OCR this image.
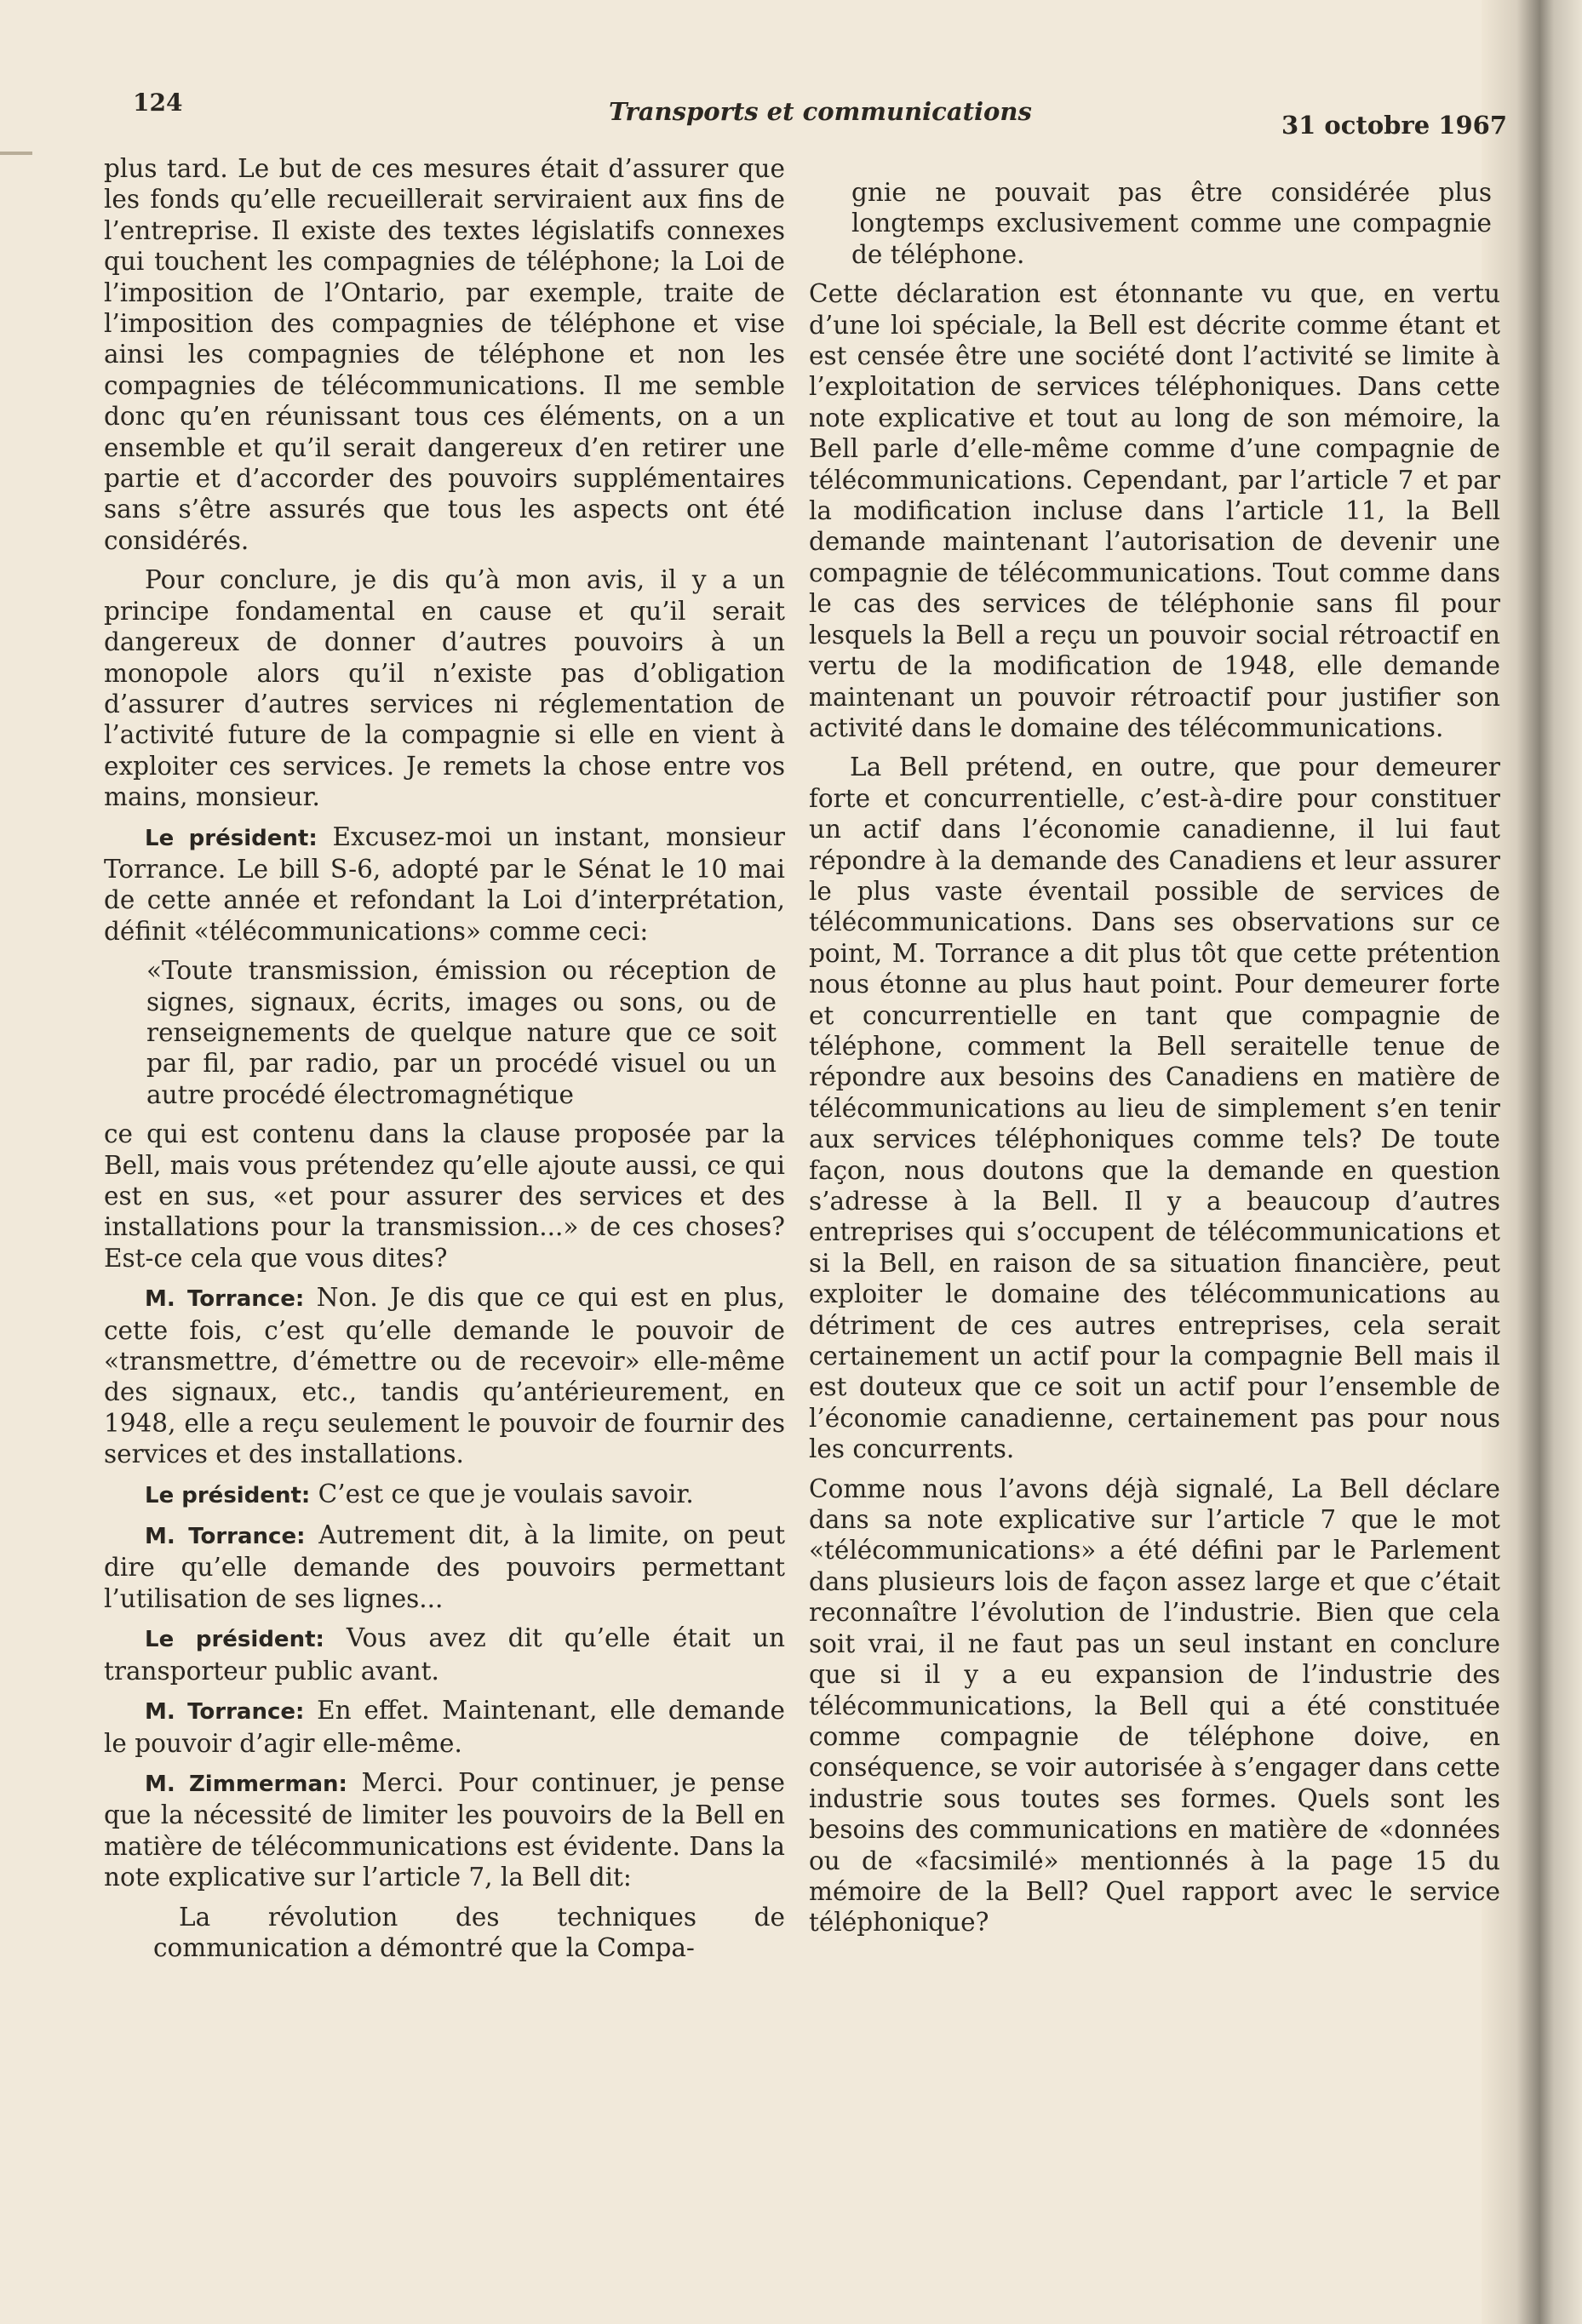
124	Transports et communications	31 octobre 1967

plus tard. Le but de ces mesures était d’assurer que les fonds qu’elle recueillerait serviraient aux fins de l’entreprise. Il existe des textes législatifs connexes qui touchent les compagnies de téléphone; la Loi de l’imposition de l’Ontario, par exemple, traite de l’imposition des compagnies de téléphone et vise ainsi les compagnies de téléphone et non les compagnies de télécommunications. Il me semble donc qu’en réunissant tous ces éléments, on a un ensemble et qu’il serait dangereux d’en retirer une partie et d’accorder des pouvoirs supplémentaires sans s’être assurés que tous les aspects ont été considérés.

Pour conclure, je dis qu’à mon avis, il y a un principe fondamental en cause et qu’il serait dangereux de donner d’autres pouvoirs à un monopole alors qu’il n’existe pas d’obligation d’assurer d’autres services ni réglementation de l’activité future de la compagnie si elle en vient à exploiter ces services. Je remets la chose entre vos mains, monsieur.

Le président: Excusez-moi un instant, monsieur Torrance. Le bill S-6, adopté par le Sénat le 10 mai de cette année et refondant la Loi d’interprétation, définit «télécommunications» comme ceci:

«Toute transmission, émission ou réception de signes, signaux, écrits, images ou sons, ou de renseignements de quelque nature que ce soit par fil, par radio, par un procédé visuel ou un autre procédé électromagnétique

ce qui est contenu dans la clause proposée par la Bell, mais vous prétendez qu’elle ajoute aussi, ce qui est en sus, «et pour assurer des services et des installations pour la transmission...» de ces choses? Est-ce cela que vous dites?

M. Torrance: Non. Je dis que ce qui est en plus, cette fois, c’est qu’elle demande le pouvoir de «transmettre, d’émettre ou de recevoir» elle-même des signaux, etc., tandis qu’antérieurement, en 1948, elle a reçu seulement le pouvoir de fournir des services et des installations.

Le président: C’est ce que je voulais savoir.

M. Torrance: Autrement dit, à la limite, on peut dire qu’elle demande des pouvoirs permettant l’utilisation de ses lignes...

Le président: Vous avez dit qu’elle était un transporteur public avant.

M. Torrance: En effet. Maintenant, elle demande le pouvoir d’agir elle-même.

M. Zimmerman: Merci. Pour continuer, je pense que la nécessité de limiter les pouvoirs de la Bell en matière de télécommunications est évidente. Dans la note explicative sur l’article 7, la Bell dit:

La révolution des techniques de communication a démontré que la Compa-

gnie ne pouvait pas être considérée plus longtemps exclusivement comme une compagnie de téléphone.

Cette déclaration est étonnante vu que, en vertu d’une loi spéciale, la Bell est décrite comme étant et est censée être une société dont l’activité se limite à l’exploitation de services téléphoniques. Dans cette note explicative et tout au long de son mémoire, la Bell parle d’elle-même comme d’une compagnie de télécommunications. Cependant, par l’article 7 et par la modification incluse dans l’article 11, la Bell demande maintenant l’autorisation de devenir une compagnie de télécommunications. Tout comme dans le cas des services de téléphonie sans fil pour lesquels la Bell a reçu un pouvoir social rétroactif en vertu de la modification de 1948, elle demande maintenant un pouvoir rétroactif pour justifier son activité dans le domaine des télécommunications.

La Bell prétend, en outre, que pour demeurer forte et concurrentielle, c’est-à-dire pour constituer un actif dans l’économie canadienne, il lui faut répondre à la demande des Canadiens et leur assurer le plus vaste éventail possible de services de télécommunications. Dans ses observations sur ce point, M. Torrance a dit plus tôt que cette prétention nous étonne au plus haut point. Pour demeurer forte et concurrentielle en tant que compagnie de téléphone, comment la Bell seraitelle tenue de répondre aux besoins des Canadiens en matière de télécommunications au lieu de simplement s’en tenir aux services téléphoniques comme tels? De toute façon, nous doutons que la demande en question s’adresse à la Bell. Il y a beaucoup d’autres entreprises qui s’occupent de télécommunications et si la Bell, en raison de sa situation financière, peut exploiter le domaine des télécommunications au détriment de ces autres entreprises, cela serait certainement un actif pour la compagnie Bell mais il est douteux que ce soit un actif pour l’ensemble de l’économie canadienne, certainement pas pour nous les concurrents.

Comme nous l’avons déjà signalé, La Bell déclare dans sa note explicative sur l’article 7 que le mot «télécommunications» a été défini par le Parlement dans plusieurs lois de façon assez large et que c’était reconnaître l’évolution de l’industrie. Bien que cela soit vrai, il ne faut pas un seul instant en conclure que si il y a eu expansion de l’industrie des télécommunications, la Bell qui a été constituée comme compagnie de téléphone doive, en conséquence, se voir autorisée à s’engager dans cette industrie sous toutes ses formes. Quels sont les besoins des communications en matière de «données ou de «facsimilé» mentionnés à la page 15 du mémoire de la Bell? Quel rapport avec le service téléphonique?
